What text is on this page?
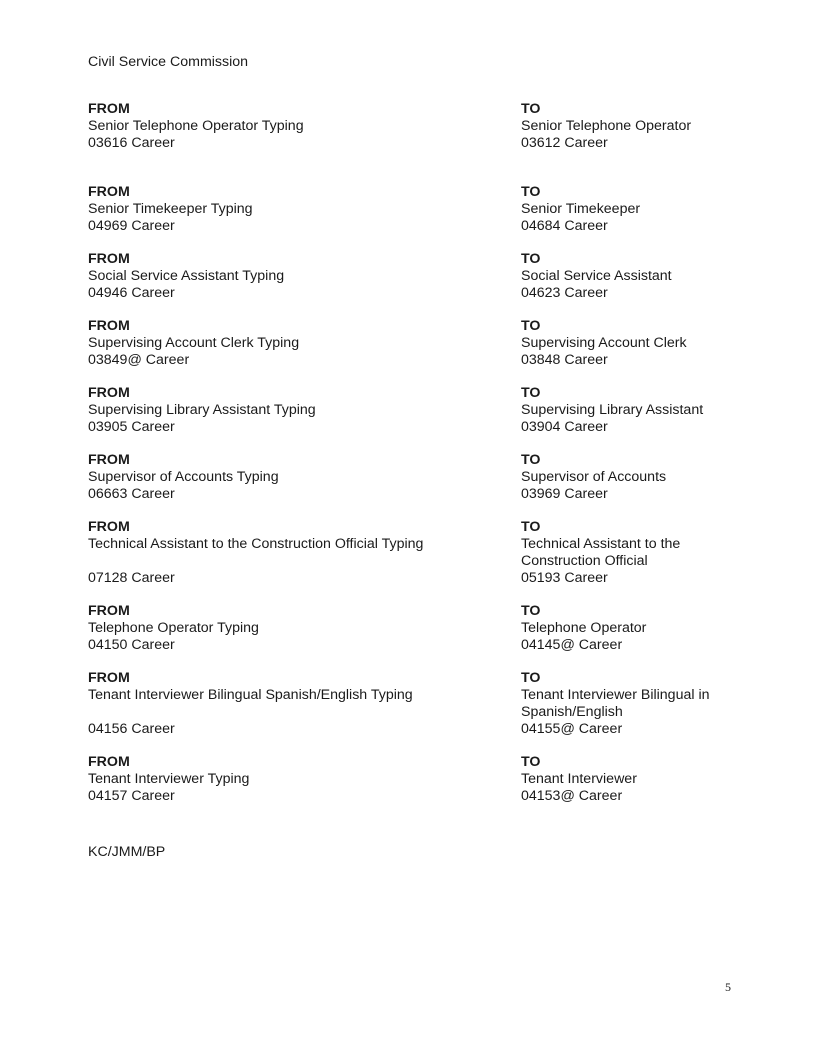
Civil Service Commission
FROM
Senior Telephone Operator Typing
03616 Career
TO
Senior Telephone Operator
03612 Career
FROM
Senior Timekeeper Typing
04969 Career
TO
Senior Timekeeper
04684 Career
FROM
Social Service Assistant Typing
04946 Career
TO
Social Service Assistant
04623 Career
FROM
Supervising Account Clerk Typing
03849@ Career
TO
Supervising Account Clerk
03848 Career
FROM
Supervising Library Assistant Typing
03905 Career
TO
Supervising Library Assistant
03904 Career
FROM
Supervisor of Accounts Typing
06663 Career
TO
Supervisor of Accounts
03969 Career
FROM
Technical Assistant to the Construction Official Typing
07128 Career
TO
Technical Assistant to the Construction Official
05193 Career
FROM
Telephone Operator Typing
04150 Career
TO
Telephone Operator
04145@ Career
FROM
Tenant Interviewer Bilingual Spanish/English Typing
04156 Career
TO
Tenant Interviewer Bilingual in Spanish/English
04155@ Career
FROM
Tenant Interviewer Typing
04157 Career
TO
Tenant Interviewer
04153@ Career
KC/JMM/BP
5
